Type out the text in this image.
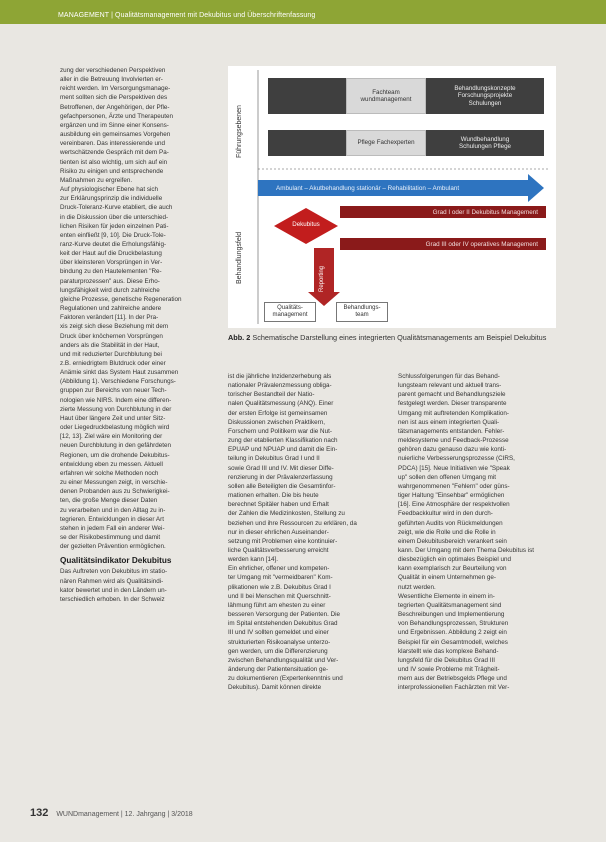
MANAGEMENT | Qualitätsmanagement mit Dekubitus und Überschriftenfassung
zung der verschiedenen Perspektiven
aller in die Betreuung Involvierten er-
reicht werden. Im Versorgungsmanage-
ment sollten sich die Perspektiven des
Betroffenen, der Angehörigen, der Pfle-
gefachpersonen, Ärzte und Therapeuten
ergänzen und im Sinne einer Konsens-
ausbildung ein gemeinsames Vorgehen
vereinbaren. Das interessierende und
wertschätzende Gespräch mit dem Pa-
tienten ist also wichtig, um sich auf ein
Risiko zu einigen und entsprechende
Maßnahmen zu ergreifen.
Auf physiologischer Ebene hat sich
zur Erklärungsprinzip die individuelle
Druck-Toleranz-Kurve etabliert, die auch
in die Diskussion über die unterschied-
lichen Risiken für jeden einzelnen Pati-
enten einfließt [9, 10]. Die Druck-Tole-
ranz-Kurve deutet die Erholungsfähig-
keit der Haut auf die Druckbelastung
über kleinsteren Vorsprüngen in Ver-
bindung zu den Hautelementen "Re-
paraturprozessen" aus. Diese Erho-
lungsfähigkeit wird durch zahlreiche
gleiche Prozesse, genetische Regeneration
Regulationen und zahlreiche andere
Faktoren verändert [11]. In der Pra-
xis zeigt sich diese Beziehung mit dem
Druck über knöchernen Vorsprüngen
anders als die Stabilität in der Haut,
und mit reduzierter Durchblutung bei
z.B. erniedrigtem Blutdruck oder einer
Anämie sinkt das System Haut zusammen
(Abbildung 1). Verschiedene Forschungs-
gruppen zur Bereichs von neuer Tech-
nologien wie NIRS. Indem eine differen-
zierte Messung von Durchblutung in der
Haut über längere Zeit und unter Sitz-
oder Liegedruckbelastung möglich wird
[12, 13]. Ziel wäre ein Monitoring der
neuen Durchblutung in den gefährdeten
Regionen, um die drohende Dekubitus-
entwicklung eben zu messen. Aktuell
erfahren wir solche Methoden noch
zu einer Messungen zeigt, in verschie-
denen Probanden aus zu Schwierigkei-
ten, die große Menge dieser Daten
zu verarbeiten und in den Alltag zu in-
tegrieren. Entwicklungen in dieser Art
stehen in jedem Fall ein anderer Wei-
se der Risikobestimmung und damit
der gezielten Prävention ermöglichen.
Qualitätsindikator Dekubitus
Das Auftreten von Dekubitus im statio-
nären Rahmen wird als Qualitätsindi-
kator bewertet und in den Ländern un-
terschiedlich erhoben. In der Schweiz
Führungsebenen
Behandlungsfeld
Fachteam
wundmanagement
Behandlungskonzepte
Forschungsprojekte
Schulungen
Pflege Fachexperten
Wundbehandlung
Schulungen Pflege
Ambulant – Akutbehandlung stationär – Rehabilitation – Ambulant
Grad I oder II Dekubitus Management
Grad III oder IV operatives Management
Dekubitus
Reporting
Qualitäts-
management
Behandlungs-
team
Abb. 2 Schematische Darstellung eines integrierten Qualitätsmanagements am Beispiel Dekubitus
ist die jährliche Inzidenzerhebung als
nationaler Prävalenzmessung obliga-
torischer Bestandteil der Natio-
nalen Qualitätsmessung (ANQ). Einer
der ersten Erfolge ist gemeinsamen
Diskussionen zwischen Praktikern,
Forschern und Politikern war die Nut-
zung der etablierten Klassifikation nach
EPUAP und NPUAP und damit die Ein-
teilung in Dekubitus Grad I und II
sowie Grad III und IV. Mit dieser Diffe-
renzierung in der Prävalenzerfassung
sollen alle Beteiligten die Gesamtinfor-
mationen erhalten. Die bis heute
berechnet Spitäler haben und Erhalt
der Zahlen die Medizinkosten, Stellung zu
beziehen und ihre Ressourcen zu erklären, da
nur in dieser ehrlichen Auseinander-
setzung mit Problemen eine kontinuier-
liche Qualitätsverbesserung erreicht
werden kann [14].
Ein ehrlicher, offener und kompeten-
ter Umgang mit "vermeidbaren" Kom-
plikationen wie z.B. Dekubitus Grad I
und II bei Menschen mit Querschnitt-
lähmung führt am ehesten zu einer
besseren Versorgung der Patienten. Die
im Spital entstehenden Dekubitus Grad
III und IV sollten gemeldet und einer
strukturierten Risikoanalyse unterzo-
gen werden, um die Differenzierung
zwischen Behandlungsqualität und Ver-
änderung der Patientensituation ge-
zu dokumentieren (Expertenkenntnis und
Dekubitus). Damit können direkte
Schlussfolgerungen für das Behand-
lungsteam relevant und aktuell trans-
parent gemacht und Behandlungsziele
festgelegt werden. Dieser transparente
Umgang mit auftretenden Komplikation-
nen ist aus einem integrierten Quali-
tätsmanagements entstanden. Fehler-
meldesysteme und Feedback-Prozesse
gehören dazu genauso dazu wie konti-
nuierliche Verbesserungsprozesse (CIRS,
PDCA) [15]. Neue Initiativen wie "Speak
up" sollen den offenen Umgang mit
wahrgenommenen "Fehlern" oder güns-
tiger Haltung "Einsehbar" ermöglichen
[16]. Eine Atmosphäre der respektvollen
Feedbackkultur wird in den durch-
geführten Audits von Rückmeldungen
zeigt, wie die Rolle und die Rolle in
einem Dekubitusbereich verankert sein
kann. Der Umgang mit dem Thema Dekubitus ist
diesbezüglich ein optimales Beispiel und
kann exemplarisch zur Beurteilung von
Qualität in einem Unternehmen ge-
nutzt werden.
Wesentliche Elemente in einem in-
tegrierten Qualitätsmanagement sind
Beschreibungen und Implementierung
von Behandlungsprozessen, Strukturen
und Ergebnissen. Abbildung 2 zeigt ein
Beispiel für ein Gesamtmodell, welches
klarstellt wie das komplexe Behand-
lungsfeld für die Dekubitus Grad III
und IV sowie Probleme mit Trägheit-
mern aus der Betriebsgelds Pflege und
interprofessionellen Fachärzten mit Ver-
132 WUNDmanagement | 12. Jahrgang | 3/2018
